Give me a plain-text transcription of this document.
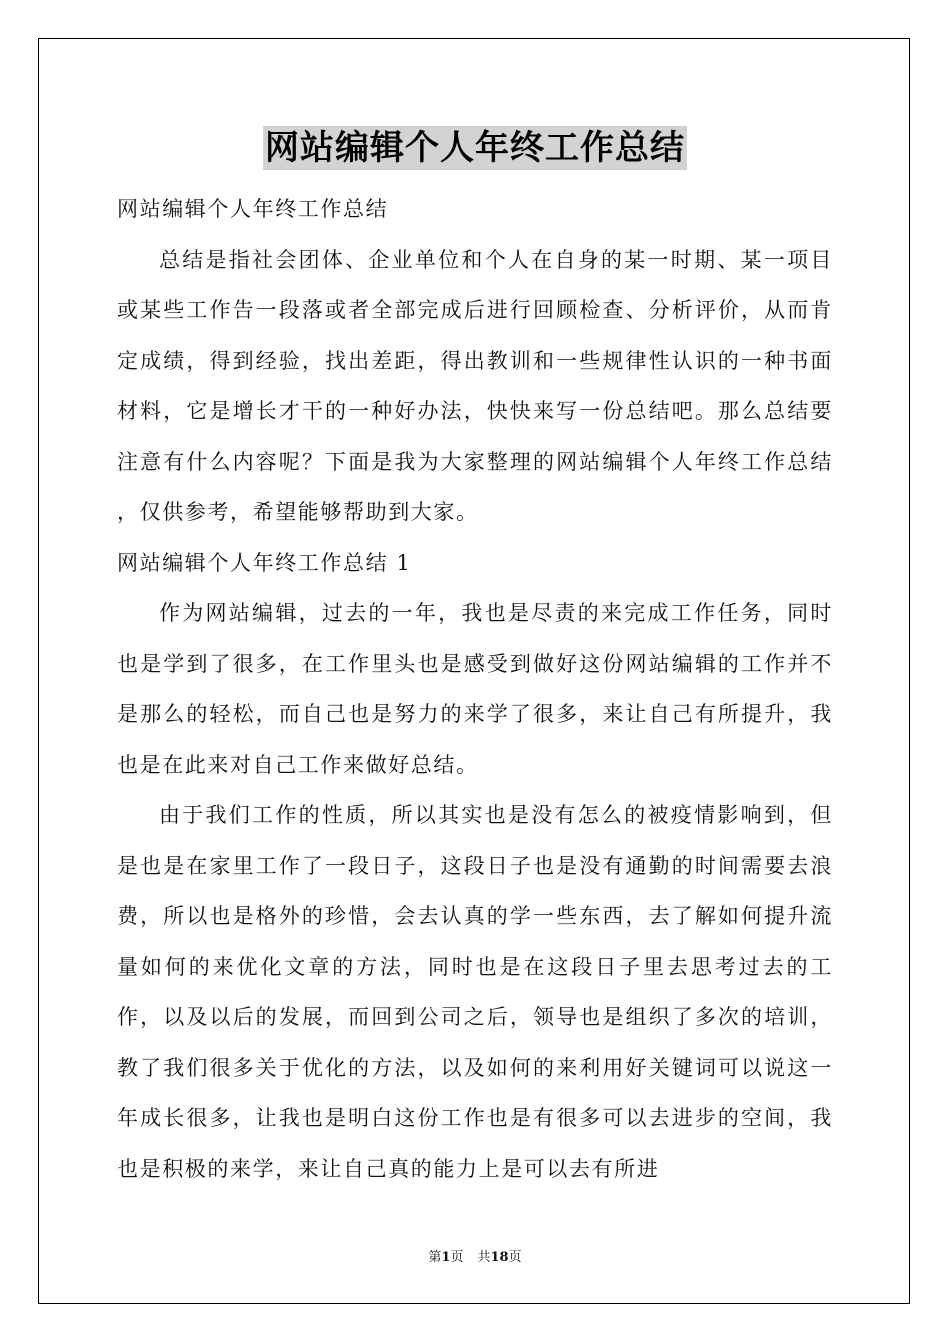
网站编辑个人年终工作总结

网站编辑个人年终工作总结

总结是指社会团体、企业单位和个人在自身的某一时期、某一项目或某些工作告一段落或者全部完成后进行回顾检查、分析评价，从而肯定成绩，得到经验，找出差距，得出教训和一些规律性认识的一种书面材料，它是增长才干的一种好办法，快快来写一份总结吧。那么总结要注意有什么内容呢？下面是我为大家整理的网站编辑个人年终工作总结 ，仅供参考，希望能够帮助到大家。

网站编辑个人年终工作总结 1

作为网站编辑，过去的一年，我也是尽责的来完成工作任务，同时也是学到了很多，在工作里头也是感受到做好这份网站编辑的工作并不是那么的轻松，而自己也是努力的来学了很多，来让自己有所提升，我也是在此来对自己工作来做好总结。

由于我们工作的性质，所以其实也是没有怎么的被疫情影响到，但是也是在家里工作了一段日子，这段日子也是没有通勤的时间需要去浪费，所以也是格外的珍惜，会去认真的学一些东西，去了解如何提升流量如何的来优化文章的方法，同时也是在这段日子里去思考过去的工作，以及以后的发展，而回到公司之后，领导也是组织了多次的培训，教了我们很多关于优化的方法，以及如何的来利用好关键词可以说这一年成长很多，让我也是明白这份工作也是有很多可以去进步的空间，我也是积极的来学，来让自己真的能力上是可以去有所进

第1页 共18页
